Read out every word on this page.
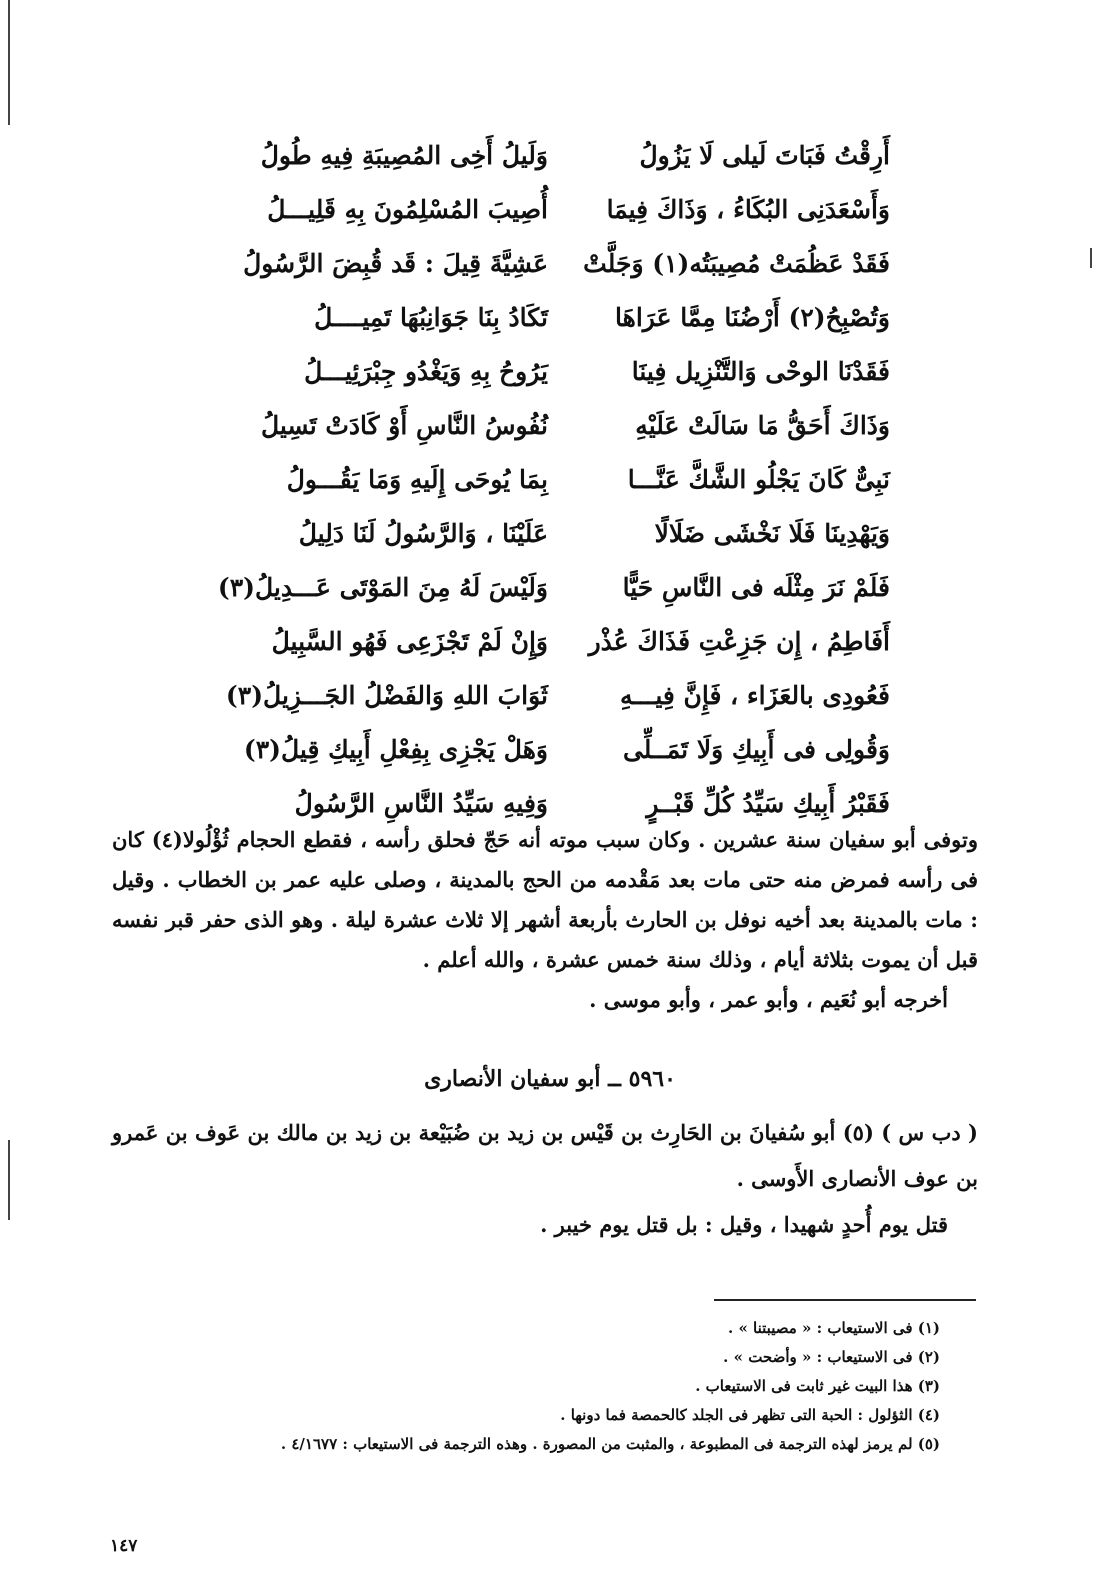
أَرِقْتُ فَبَاتَ لَيلى لَا يَزُولُ
وَلَيلُ أَخِى المُصِيبَةِ فِيهِ طُولُ
وَأَسْعَدَنِى البُكَاءُ ، وَذَاكَ فِيمَا
أُصِيبَ المُسْلِمُونَ بِهِ قَلِيـــلُ
فَقَدْ عَظُمَتْ مُصِيبَتُه(١) وَجَلَّتْ
عَشِيَّةَ قِيلَ : قَد قُبِضَ الرَّسُولُ
وَتُصْبِحُ(٢) أَرْضُنَا مِمَّا عَرَاهَا
تَكَادُ بِنَا جَوَانِبُهَا تَمِيــــلُ
فَقَدْنَا الوحْى وَالتَّنْزِيل فِينَا
يَرُوحُ بِهِ وَيَغْدُو جِبْرَئِيـــلُ
وَذَاكَ أَحَقُّ مَا سَالَتْ عَلَيْهِ
نُفُوسُ النَّاسِ أَوْ كَادَتْ تَسِيلُ
نَبِىٌّ كَانَ يَجْلُو الشَّكَّ عَنَّـــا
بِمَا يُوحَى إِلَيهِ وَمَا يَقُـــولُ
وَيَهْدِينَا فَلَا نَخْشَى ضَلَالًا
عَلَيْنَا ، وَالرَّسُولُ لَنَا دَلِيلُ
فَلَمْ نَرَ مِثْلَه فى النَّاسِ حَيًّا
وَلَيْسَ لَهُ مِنَ المَوْتَى عَـــدِيلُ(٣)
أَفَاطِمُ ، إِن جَزِعْتِ فَذَاكَ عُذْر
وَإِنْ لَمْ تَجْزَعِى فَهُو السَّبِيلُ
فَعُودِى بالعَزَاء ، فَإِنَّ فِيـــهِ
ثَوَابَ اللهِ وَالفَضْلُ الجَـــزِيلُ(٣)
وَقُولِى فى أَبِيكِ وَلَا تَمَــلِّى
وَهَلْ يَجْزِى بِفِعْلِ أَبِيكِ قِيلُ(٣)
فَقَبْرُ أَبِيكِ سَيِّدُ كُلِّ قَبْــرٍ
وَفِيهِ سَيِّدُ النَّاسِ الرَّسُولُ

وتوفى أبو سفيان سنة عشرين . وكان سبب موته أنه حَجّ فحلق رأسه ، فقطع الحجام ثُؤْلُولا(٤) كان فى رأسه فمرض منه حتى مات بعد مَقْدمه من الحج بالمدينة ، وصلى عليه عمر بن الخطاب . وقيل : مات بالمدينة بعد أخيه نوفل بن الحارث بأربعة أشهر إلا ثلاث عشرة ليلة . وهو الذى حفر قبر نفسه قبل أن يموت بثلاثة أيام ، وذلك سنة خمس عشرة ، والله أعلم .

أخرجه أبو نُعَيم ، وأبو عمر ، وأبو موسى .

٥٩٦٠ ــ أبو سفيان الأنصارى

( دب س ) (٥) أبو سُفيانَ بن الحَارِث بن قَيْس بن زيد بن ضُبَيْعة بن زيد بن مالك بن عَوف بن عَمرو بن عوف الأنصارى الأَوسى .

قتل يوم أُحدٍ شهيدا ، وقيل : بل قتل يوم خيبر .

(١) فى الاستيعاب : « مصيبتنا » .
(٢) فى الاستيعاب : « وأضحت » .
(٣) هذا البيت غير ثابت فى الاستيعاب .
(٤) الثؤلول : الحبة التى تظهر فى الجلد كالحمصة فما دونها .
(٥) لم يرمز لهذه الترجمة فى المطبوعة ، والمثبت من المصورة . وهذه الترجمة فى الاستيعاب : ٤/١٦٧٧ .
١٤٧
